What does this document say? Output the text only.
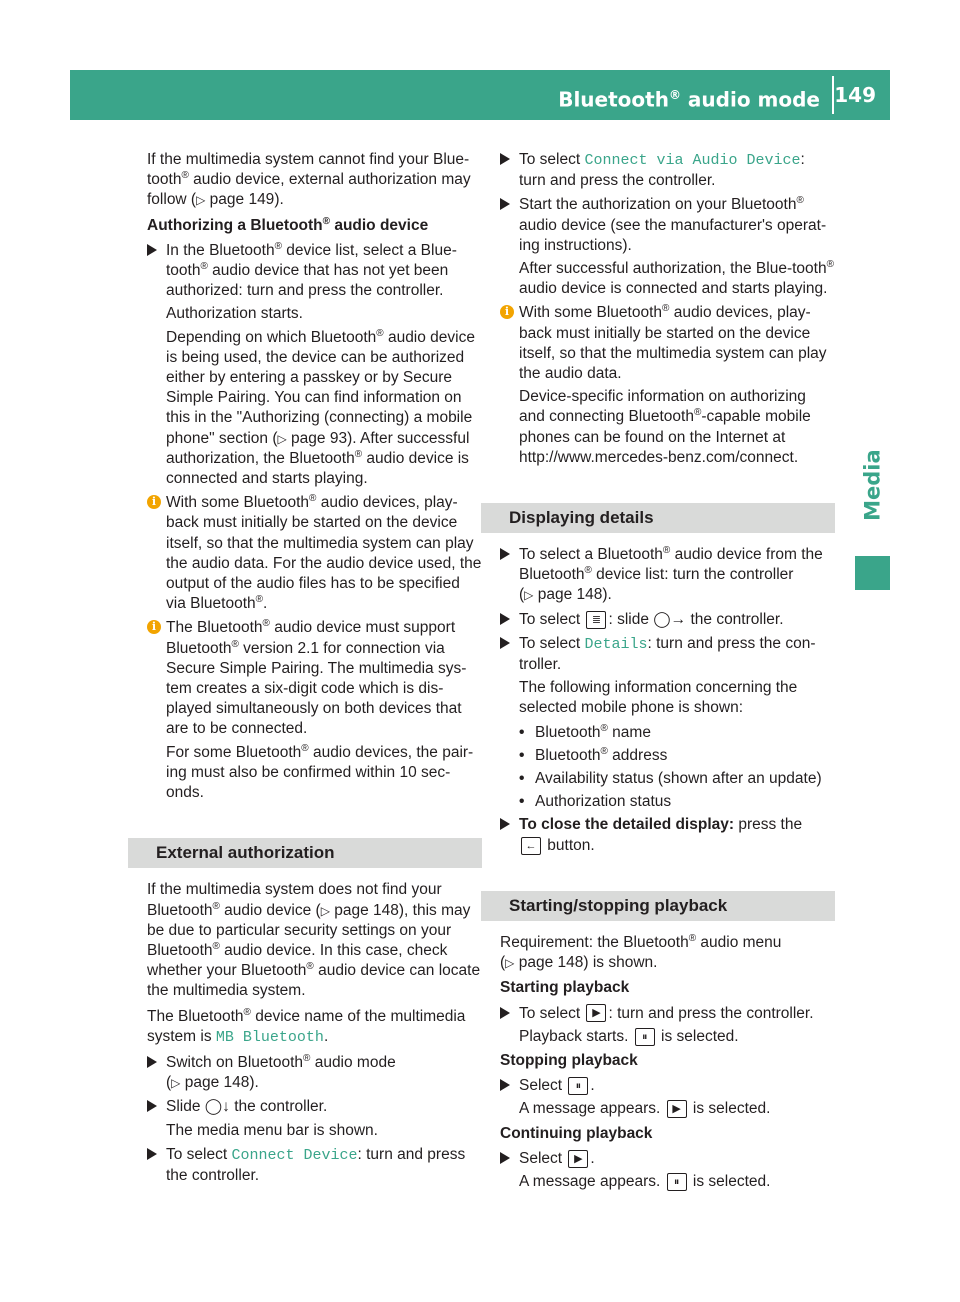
Bluetooth® audio mode 149
Media

If the multimedia system cannot find your Blue-tooth® audio device, external authorization may follow (▷ page 149).

Authorizing a Bluetooth® audio device

In the Bluetooth® device list, select a Blue-tooth® audio device that has not yet been authorized: turn and press the controller.
Authorization starts.
Depending on which Bluetooth® audio device is being used, the device can be authorized either by entering a passkey or by Secure Simple Pairing. You can find information on this in the "Authorizing (connecting) a mobile phone" section (▷ page 93). After successful authorization, the Bluetooth® audio device is connected and starts playing.
i With some Bluetooth® audio devices, play-back must initially be started on the device itself, so that the multimedia system can play the audio data. For the audio device used, the output of the audio files has to be specified via Bluetooth®.
i The Bluetooth® audio device must support Bluetooth® version 2.1 for connection via Secure Simple Pairing. The multimedia sys-tem creates a six-digit code which is dis-played simultaneously on both devices that are to be connected.
For some Bluetooth® audio devices, the pair-ing must also be confirmed within 10 sec-onds.
External authorization

If the multimedia system does not find your Bluetooth® audio device (▷ page 148), this may be due to particular security settings on your Bluetooth® audio device. In this case, check whether your Bluetooth® audio device can locate the multimedia system.

The Bluetooth® device name of the multimedia system is MB Bluetooth.

Switch on Bluetooth® audio mode
(▷ page 148).
Slide ◯↓ the controller.
The media menu bar is shown.
To select Connect Device: turn and press the controller.
To select Connect via Audio Device: turn and press the controller.
Start the authorization on your Bluetooth® audio device (see the manufacturer's operat-ing instructions).
After successful authorization, the Blue-tooth® audio device is connected and starts playing.
i With some Bluetooth® audio devices, play-back must initially be started on the device itself, so that the multimedia system can play the audio data.
Device-specific information on authorizing and connecting Bluetooth®-capable mobile phones can be found on the Internet at http://www.mercedes-benz.com/connect.
Displaying details
To select a Bluetooth® audio device from the Bluetooth® device list: turn the controller
(▷ page 148).
To select ≣ : slide ◯→ the controller.
To select Details: turn and press the con-troller.
The following information concerning the selected mobile phone is shown:
• Bluetooth® name
• Bluetooth® address
• Availability status (shown after an update)
• Authorization status
To close the detailed display: press the
← button.
Starting/stopping playback

Requirement: the Bluetooth® audio menu
(▷ page 148) is shown.

Starting playback

To select ▶ : turn and press the controller.
Playback starts. ⏸ is selected.

Stopping playback

Select ⏸ .
A message appears. ▶ is selected.

Continuing playback

Select ▶ .
A message appears. ⏸ is selected.
